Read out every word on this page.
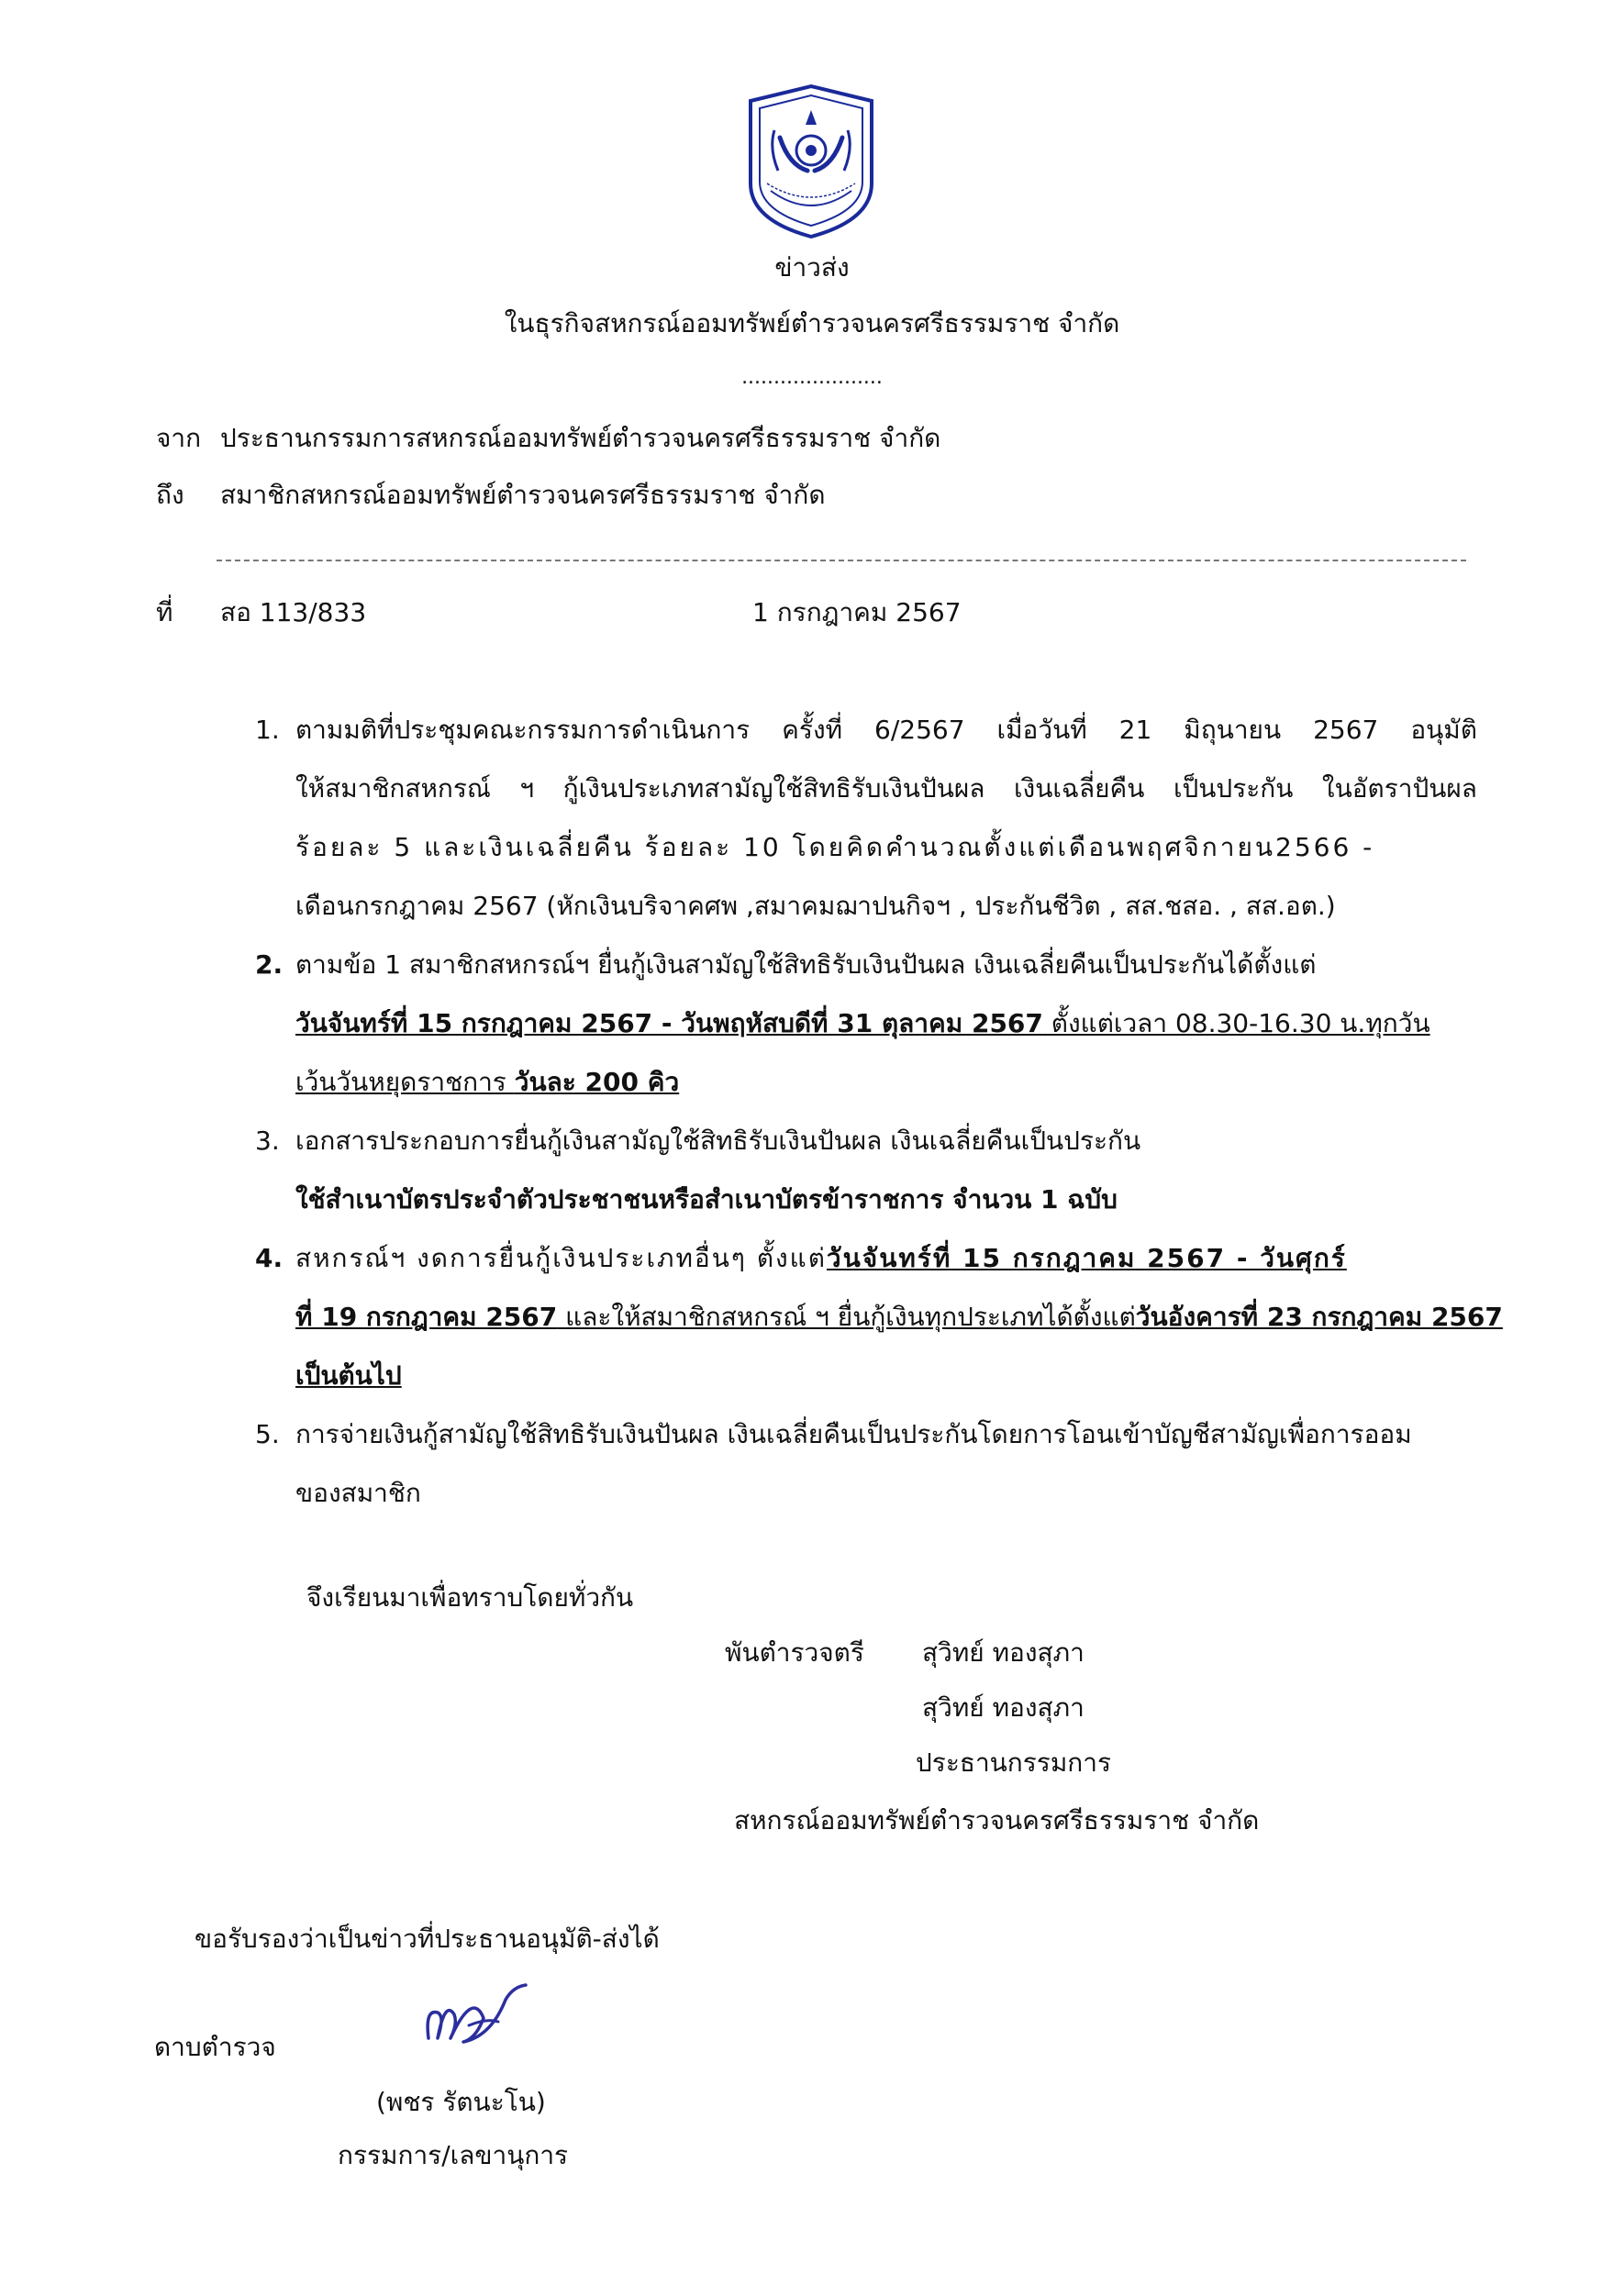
ข่าวส่ง
ในธุรกิจสหกรณ์ออมทรัพย์ตำรวจนครศรีธรรมราช จำกัด
......................
จาก ประธานกรรมการสหกรณ์ออมทรัพย์ตำรวจนครศรีธรรมราช จำกัด
ถึง สมาชิกสหกรณ์ออมทรัพย์ตำรวจนครศรีธรรมราช จำกัด
ที่ สอ 113/833	1 กรกฎาคม 2567
1. ตามมติที่ประชุมคณะกรรมการดำเนินการ ครั้งที่ 6/2567 เมื่อวันที่ 21 มิถุนายน 2567 อนุมัติ
ให้สมาชิกสหกรณ์ ฯ กู้เงินประเภทสามัญใช้สิทธิรับเงินปันผล เงินเฉลี่ยคืน เป็นประกัน ในอัตราปันผล
ร้อยละ 5 และเงินเฉลี่ยคืน ร้อยละ 10 โดยคิดคำนวณตั้งแต่เดือนพฤศจิกายน2566 -
เดือนกรกฎาคม 2567 (หักเงินบริจาคศพ ,สมาคมฌาปนกิจฯ , ประกันชีวิต , สส.ชสอ. , สส.อต.)
2. ตามข้อ 1 สมาชิกสหกรณ์ฯ ยื่นกู้เงินสามัญใช้สิทธิรับเงินปันผล เงินเฉลี่ยคืนเป็นประกันได้ตั้งแต่
วันจันทร์ที่ 15 กรกฎาคม 2567 - วันพฤหัสบดีที่ 31 ตุลาคม 2567 ตั้งแต่เวลา 08.30-16.30 น.ทุกวัน
เว้นวันหยุดราชการ วันละ 200 คิว
3. เอกสารประกอบการยื่นกู้เงินสามัญใช้สิทธิรับเงินปันผล เงินเฉลี่ยคืนเป็นประกัน
ใช้สำเนาบัตรประจำตัวประชาชนหรือสำเนาบัตรข้าราชการ จำนวน 1 ฉบับ
4. สหกรณ์ฯ งดการยื่นกู้เงินประเภทอื่นๆ ตั้งแต่วันจันทร์ที่ 15 กรกฎาคม 2567 - วันศุกร์
ที่ 19 กรกฎาคม 2567 และให้สมาชิกสหกรณ์ ฯ ยื่นกู้เงินทุกประเภทได้ตั้งแต่วันอังคารที่ 23 กรกฎาคม 2567
เป็นต้นไป
5. การจ่ายเงินกู้สามัญใช้สิทธิรับเงินปันผล เงินเฉลี่ยคืนเป็นประกันโดยการโอนเข้าบัญชีสามัญเพื่อการออม
ของสมาชิก
จึงเรียนมาเพื่อทราบโดยทั่วกัน
พันตำรวจตรี สุวิทย์ ทองสุภา
สุวิทย์ ทองสุภา
ประธานกรรมการ
สหกรณ์ออมทรัพย์ตำรวจนครศรีธรรมราช จำกัด
ขอรับรองว่าเป็นข่าวที่ประธานอนุมัติ-ส่งได้
ดาบตำรวจ
(พชร รัตนะโน)
กรรมการ/เลขานุการ
